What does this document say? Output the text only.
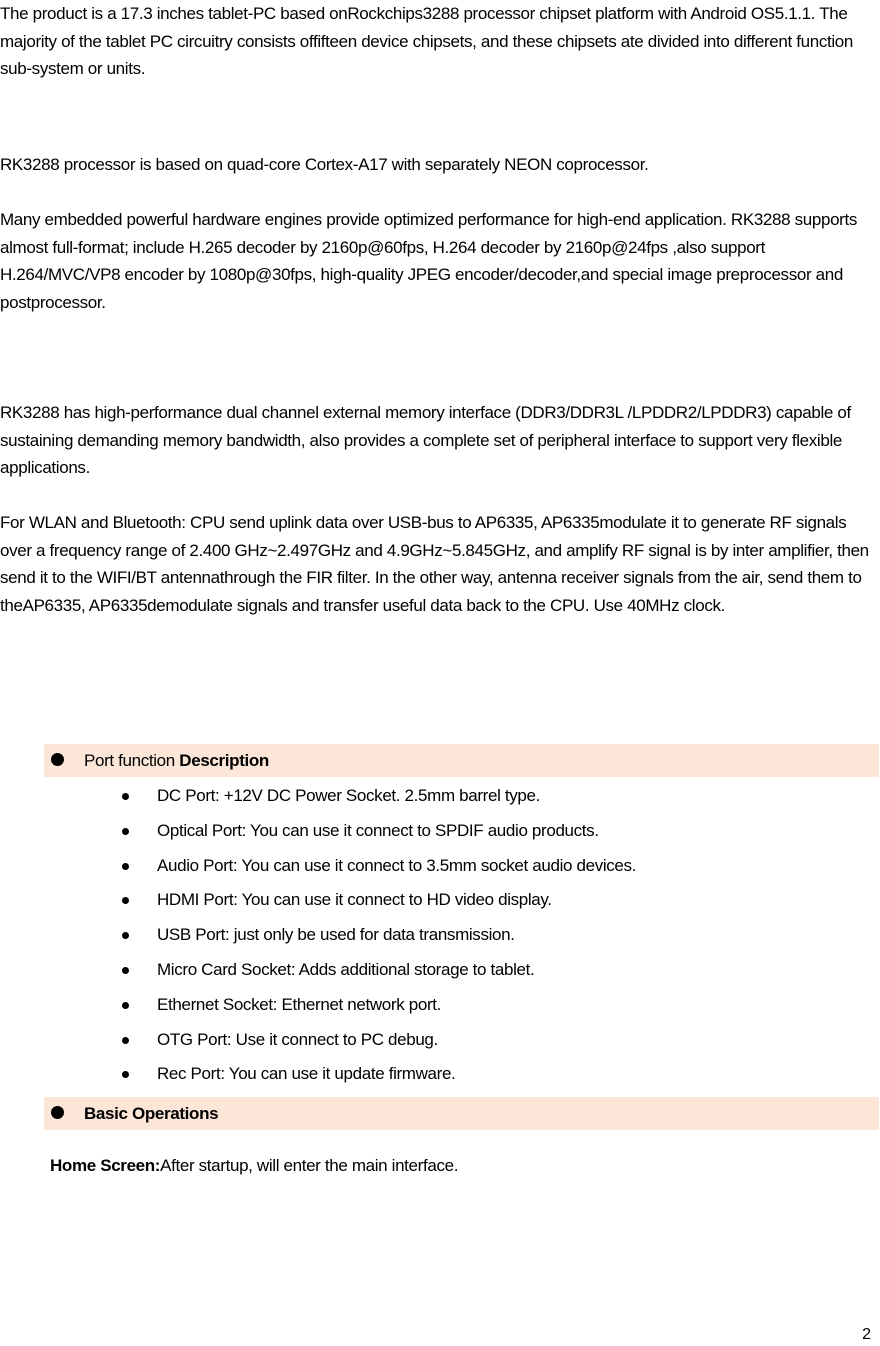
The product is a 17.3 inches tablet-PC based onRockchips3288 processor chipset platform with Android OS5.1.1. The majority of the tablet PC circuitry consists offifteen device chipsets, and these chipsets ate divided into different function sub-system or units.
RK3288 processor is based on quad-core Cortex-A17 with separately NEON coprocessor.
Many embedded powerful hardware engines provide optimized performance for high-end application. RK3288 supports almost full-format; include H.265 decoder by 2160p@60fps, H.264 decoder by 2160p@24fps ,also support H.264/MVC/VP8 encoder by 1080p@30fps, high-quality JPEG encoder/decoder,and special image preprocessor and postprocessor.
RK3288 has high-performance dual channel external memory interface (DDR3/DDR3L /LPDDR2/LPDDR3) capable of sustaining demanding memory bandwidth, also provides a complete set of peripheral interface to support very flexible applications.
For WLAN and Bluetooth: CPU send uplink data over USB-bus to AP6335, AP6335modulate it to generate RF signals over a frequency range of 2.400 GHz~2.497GHz and 4.9GHz~5.845GHz, and amplify RF signal is by inter amplifier, then send it to the WIFI/BT antennathrough the FIR filter. In the other way, antenna receiver signals from the air, send them to theAP6335, AP6335demodulate signals and transfer useful data back to the CPU. Use 40MHz clock.
Port function Description
DC Port: +12V DC Power Socket. 2.5mm barrel type.
Optical Port: You can use it connect to SPDIF audio products.
Audio Port: You can use it connect to 3.5mm socket audio devices.
HDMI Port: You can use it connect to HD video display.
USB Port: just only be used for data transmission.
Micro Card Socket: Adds additional storage to tablet.
Ethernet Socket: Ethernet network port.
OTG Port: Use it connect to PC debug.
Rec Port: You can use it update firmware.
Basic Operations
Home Screen:After startup, will enter the main interface.
2
